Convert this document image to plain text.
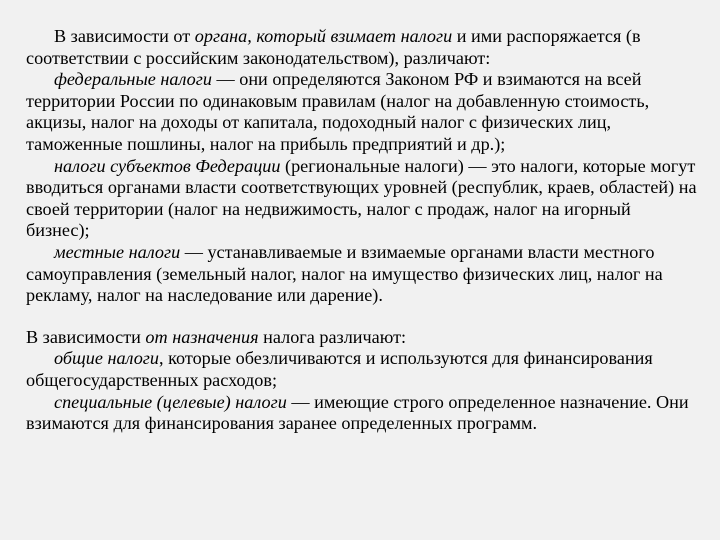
В зависимости от органа, который взимает налоги и ими распоряжается (в соответствии с российским законодательством), различают:

федеральные налоги — они определяются Законом РФ и взимаются на всей территории России по одинаковым правилам (налог на добавленную стоимость, акцизы, налог на доходы от капитала, подоходный налог с физических лиц, таможенные пошлины, налог на прибыль предприятий и др.);

налоги субъектов Федерации (региональные налоги) — это налоги, которые могут вводиться органами власти соответствующих уровней (республик, краев, областей) на своей территории (налог на недвижимость, налог с продаж, налог на игорный бизнес);

местные налоги — устанавливаемые и взимаемые органами власти местного самоуправления (земельный налог, налог на имущество физических лиц, налог на рекламу, налог на наследование или дарение).

В зависимости от назначения налога различают:

общие налоги, которые обезличиваются и используются для финансирования общегосударственных расходов;

специальные (целевые) налоги — имеющие строго определенное назначение. Они взимаются для финансирования заранее определенных программ.
